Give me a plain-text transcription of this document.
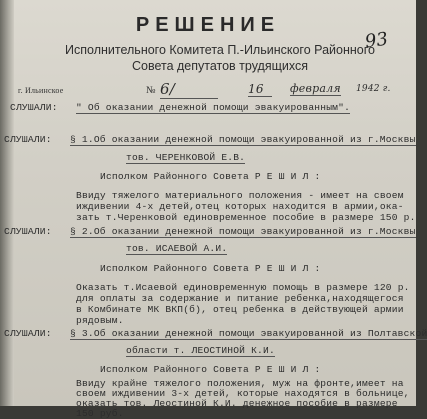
93
РЕШЕНИЕ
Исполнительного Комитета П.-Ильинского Районного
Совета депутатов трудящихся
г. Ильинское	№ 6/	16	февраля 1942 г.
СЛУШАЛИ: " Об оказании денежной помощи эвакуированным".
СЛУШАЛИ: § 1.Об оказании денежной помощи эвакуированной из г.Москвы
тов. ЧЕРЕНКОВОЙ Е.В.
Исполком Районного Совета Р Е Ш И Л :
Ввиду тяжелого материального положения - имеет на своем
иждивении 4-х детей,отец которых находится в армии,ока-
зать т.Черенковой единовременное пособие в размере 150 р.
СЛУШАЛИ: § 2.Об оказании денежной помощи эвакуированной из г.Москвы
тов. ИСАЕВОЙ А.И.
Исполком Районного Совета Р Е Ш И Л :
Оказать т.Исаевой единовременную помощь в размере 120 р.
для оплаты за содержание и питание ребенка,находящегося
в Комбинате МК ВКП(б), отец ребенка в действующей армии
рядовым.
СЛУШАЛИ: § 3.Об оказании денежной помощи эвакуированной из Полтавской
области т. ЛЕОСТИНОЙ К.И.
Исполком Районного Совета Р Е Ш И Л :
Ввиду крайне тяжелого положения, муж на фронте,имеет на
своем иждивении 3-х детей, которые находятся в больнице,
оказать тов. Леостиной К.И. денежное пособие в размере
150 руб.
